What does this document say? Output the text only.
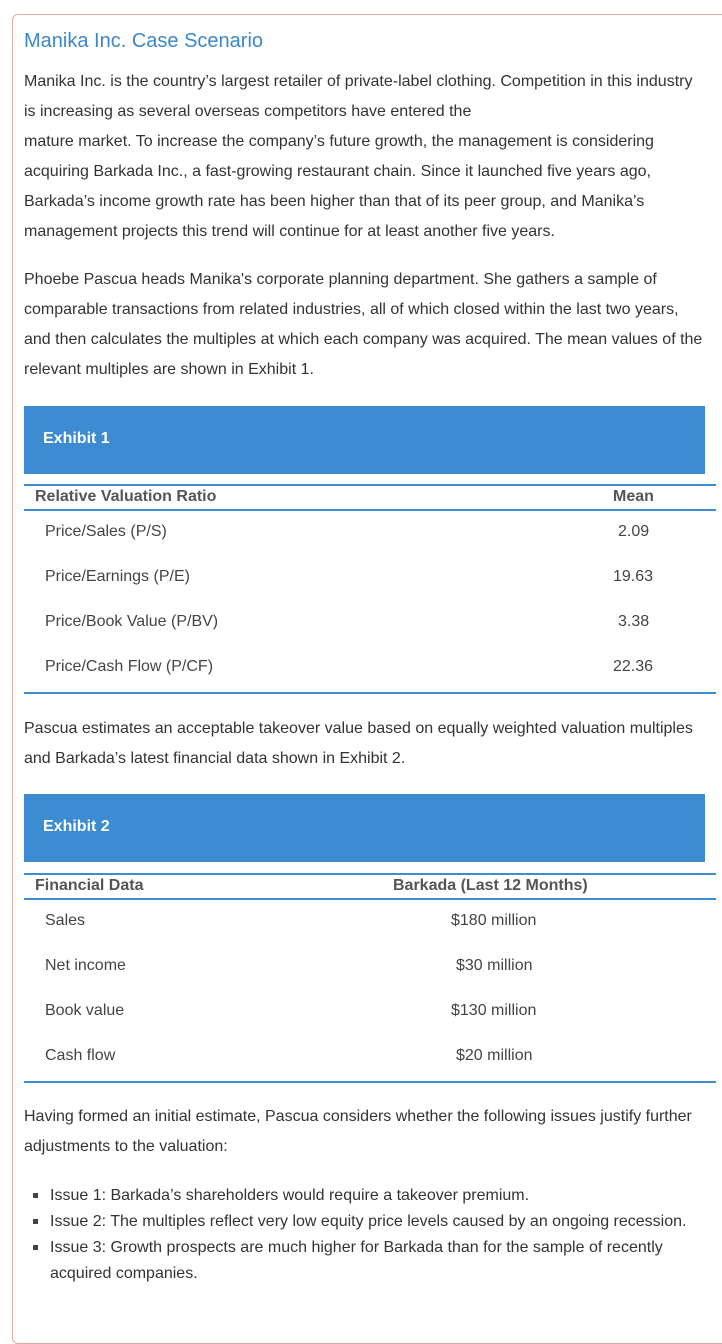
Manika Inc. Case Scenario

Manika Inc. is the country’s largest retailer of private-label clothing. Competition in this industry is increasing as several overseas competitors have entered the

mature market. To increase the company’s future growth, the management is considering acquiring Barkada Inc., a fast-growing restaurant chain. Since it launched five years ago, Barkada’s income growth rate has been higher than that of its peer group, and Manika’s management projects this trend will continue for at least another five years.

Phoebe Pascua heads Manika's corporate planning department. She gathers a sample of comparable transactions from related industries, all of which closed within the last two years, and then calculates the multiples at which each company was acquired. The mean values of the relevant multiples are shown in Exhibit 1.

Exhibit 1
Relative Valuation Ratio	Mean
Price/Sales (P/S)	2.09
Price/Earnings (P/E)	19.63
Price/Book Value (P/BV)	3.38
Price/Cash Flow (P/CF)	22.36

Pascua estimates an acceptable takeover value based on equally weighted valuation multiples and Barkada’s latest financial data shown in Exhibit 2.

Exhibit 2
Financial Data	Barkada (Last 12 Months)
Sales	$180 million
Net income	$30 million
Book value	$130 million
Cash flow	$20 million

Having formed an initial estimate, Pascua considers whether the following issues justify further adjustments to the valuation:

Issue 1: Barkada’s shareholders would require a takeover premium.
Issue 2: The multiples reflect very low equity price levels caused by an ongoing recession.
Issue 3: Growth prospects are much higher for Barkada than for the sample of recently acquired companies.
